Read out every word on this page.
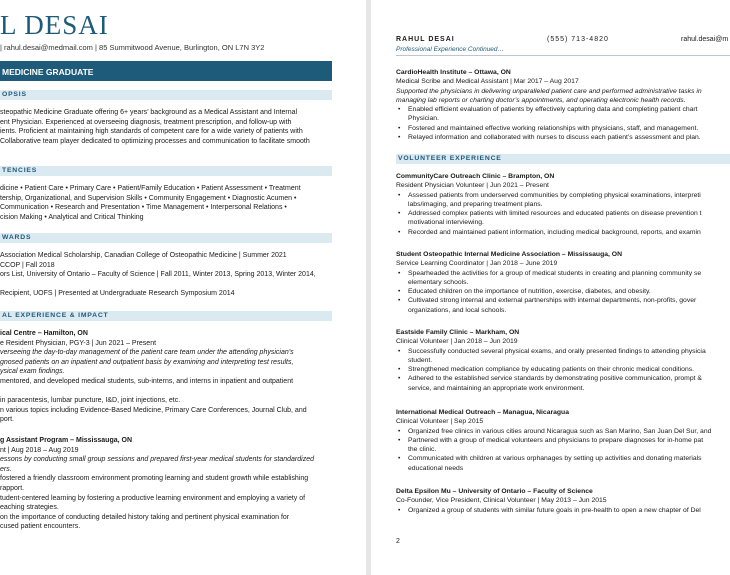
L DESAI
| rahul.desai@medmail.com | 85 Summitwood Avenue, Burlington, ON L7N 3Y2
MEDICINE GRADUATE
OPSIS
steopathic Medicine Graduate offering 6+ years’ background as a Medical Assistant and Internal
ent Physician. Experienced at overseeing diagnosis, treatment prescription, and follow-up with
ients. Proficient at maintaining high standards of competent care for a wide variety of patients with
Collaborative team player dedicated to optimizing processes and communication to facilitate smooth
TENCIES
dicine • Patient Care • Primary Care • Patient/Family Education • Patient Assessment • Treatment
tership, Organizational, and Supervision Skills • Community Engagement • Diagnostic Acumen •
Communication • Research and Presentation • Time Management • Interpersonal Relations •
cision Making • Analytical and Critical Thinking
WARDS
Association Medical Scholarship, Canadian College of Osteopathic Medicine | Summer 2021
CCOP | Fall 2018
ors List, University of Ontario – Faculty of Science | Fall 2011, Winter 2013, Spring 2013, Winter 2014,
Recipient, UOFS | Presented at Undergraduate Research Symposium 2014
AL EXPERIENCE & IMPACT
ical Centre – Hamilton, ON
e Resident Physician, PGY-3 | Jun 2021 – Present
verseeing the day-to-day management of the patient care team under the attending physician’s
gnosed patients on an inpatient and outpatient basis by examining and interpreting test results,
ysical exam findings.
mentored, and developed medical students, sub-interns, and interns in inpatient and outpatient
in paracentesis, lumbar puncture, I&D, joint injections, etc.
n various topics including Evidence-Based Medicine, Primary Care Conferences, Journal Club, and
port.
g Assistant Program – Mississauga, ON
nt | Aug 2018 – Aug 2019
essons by conducting small group sessions and prepared first-year medical students for standardized
ers.
fostered a friendly classroom environment promoting learning and student growth while establishing
rapport.
tudent-centered learning by fostering a productive learning environment and employing a variety of
eaching strategies.
on the importance of conducting detailed history taking and pertinent physical examination for
cused patient encounters.
RAHUL DESAI	(555) 713-4820	rahul.desai@m
Professional Experience Continued…
CardioHealth Institute – Ottawa, ON
Medical Scribe and Medical Assistant | Mar 2017 – Aug 2017
Supported the physicians in delivering unparalleled patient care and performed administrative tasks in
managing lab reports or charting doctor’s appointments, and operating electronic health records.
• Enabled efficient evaluation of patients by effectively capturing data and completing patient chart
Physician.
• Fostered and maintained effective working relationships with physicians, staff, and management.
• Relayed information and collaborated with nurses to discuss each patient’s assessment and plan.
VOLUNTEER EXPERIENCE
CommunityCare Outreach Clinic – Brampton, ON
Resident Physician Volunteer | Jun 2021 – Present
• Assessed patients from underserved communities by completing physical examinations, interpreti
labs/imaging, and preparing treatment plans.
• Addressed complex patients with limited resources and educated patients on disease prevention t
motivational interviewing.
• Recorded and maintained patient information, including medical background, reports, and examin
Student Osteopathic Internal Medicine Association – Mississauga, ON
Service Learning Coordinator | Jan 2018 – June 2019
• Spearheaded the activities for a group of medical students in creating and planning community se
elementary schools.
• Educated children on the importance of nutrition, exercise, diabetes, and obesity.
• Cultivated strong internal and external partnerships with internal departments, non-profits, gover
organizations, and local schools.
Eastside Family Clinic – Markham, ON
Clinical Volunteer | Jan 2018 – Jun 2019
• Successfully conducted several physical exams, and orally presented findings to attending physicia
student.
• Strengthened medication compliance by educating patients on their chronic medical conditions.
• Adhered to the established service standards by demonstrating positive communication, prompt &
service, and maintaining an appropriate work environment.
International Medical Outreach – Managua, Nicaragua
Clinical Volunteer | Sep 2015
• Organized free clinics in various cities around Nicaragua such as San Marino, San Juan Del Sur, and
• Partnered with a group of medical volunteers and physicians to prepare diagnoses for in-home pat
the clinic.
• Communicated with children at various orphanages by setting up activities and donating materials
educational needs
Delta Epsilon Mu – University of Ontario – Faculty of Science
Co-Founder, Vice President, Clinical Volunteer | May 2013 – Jun 2015
• Organized a group of students with similar future goals in pre-health to open a new chapter of Del
2
